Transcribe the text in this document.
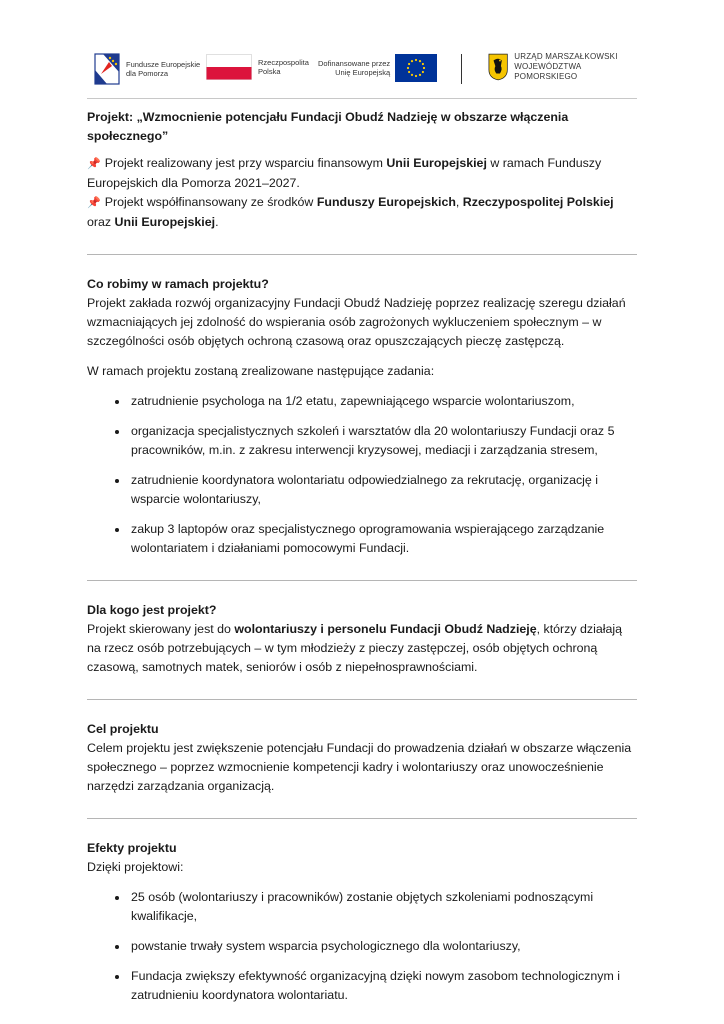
Fundusze Europejskie
dla Pomorza
Rzeczpospolita
Polska
Dofinansowane przez
Unię Europejską
URZĄD MARSZAŁKOWSKI
WOJEWÓDZTWA POMORSKIEGO
Projekt: „Wzmocnienie potencjału Fundacji Obudź Nadzieję w obszarze włączenia społecznego”

📌 Projekt realizowany jest przy wsparciu finansowym Unii Europejskiej w ramach Funduszy Europejskich dla Pomorza 2021–2027.

📌 Projekt współfinansowany ze środków Funduszy Europejskich, Rzeczypospolitej Polskiej oraz Unii Europejskiej.

Co robimy w ramach projektu?

Projekt zakłada rozwój organizacyjny Fundacji Obudź Nadzieję poprzez realizację szeregu działań wzmacniających jej zdolność do wspierania osób zagrożonych wykluczeniem społecznym – w szczególności osób objętych ochroną czasową oraz opuszczających pieczę zastępczą.

W ramach projektu zostaną zrealizowane następujące zadania:

• zatrudnienie psychologa na 1/2 etatu, zapewniającego wsparcie wolontariuszom,
• organizacja specjalistycznych szkoleń i warsztatów dla 20 wolontariuszy Fundacji oraz 5 pracowników, m.in. z zakresu interwencji kryzysowej, mediacji i zarządzania stresem,
• zatrudnienie koordynatora wolontariatu odpowiedzialnego za rekrutację, organizację i wsparcie wolontariuszy,
• zakup 3 laptopów oraz specjalistycznego oprogramowania wspierającego zarządzanie wolontariatem i działaniami pomocowymi Fundacji.
Dla kogo jest projekt?

Projekt skierowany jest do wolontariuszy i personelu Fundacji Obudź Nadzieję, którzy działają na rzecz osób potrzebujących – w tym młodzieży z pieczy zastępczej, osób objętych ochroną czasową, samotnych matek, seniorów i osób z niepełnosprawnościami.

Cel projektu

Celem projektu jest zwiększenie potencjału Fundacji do prowadzenia działań w obszarze włączenia społecznego – poprzez wzmocnienie kompetencji kadry i wolontariuszy oraz unowocześnienie narzędzi zarządzania organizacją.

Efekty projektu

Dzięki projektowi:

• 25 osób (wolontariuszy i pracowników) zostanie objętych szkoleniami podnoszącymi kwalifikacje,
• powstanie trwały system wsparcia psychologicznego dla wolontariuszy,
• Fundacja zwiększy efektywność organizacyjną dzięki nowym zasobom technologicznym i zatrudnieniu koordynatora wolontariatu.
